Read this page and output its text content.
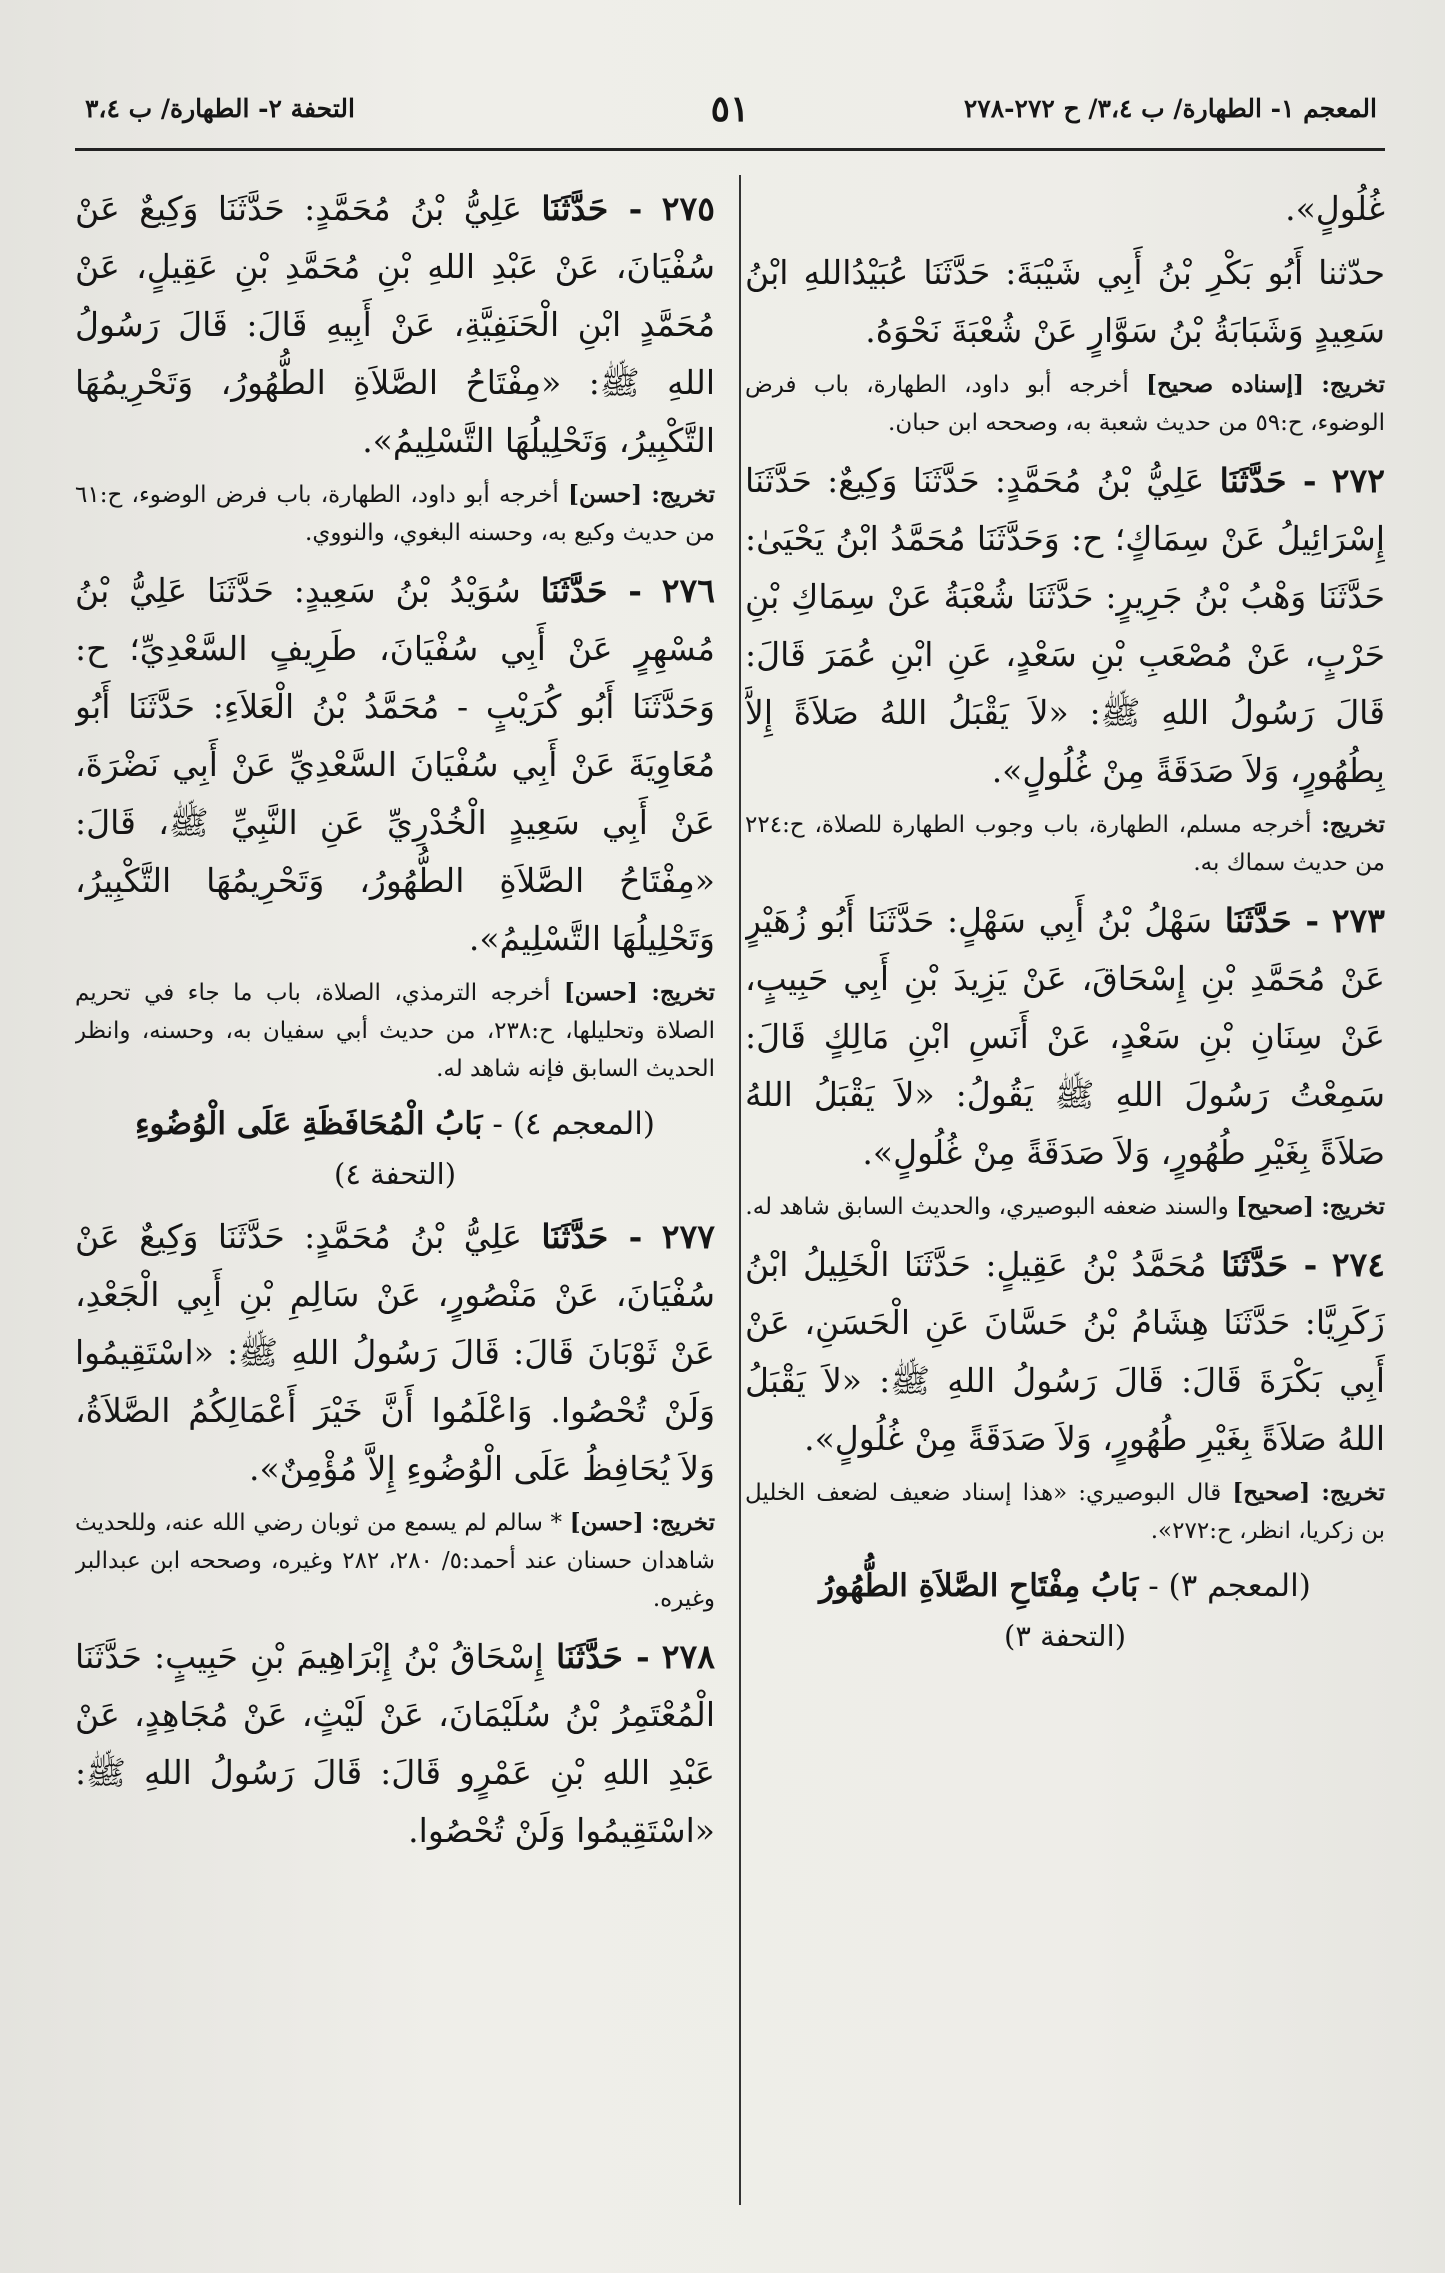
المعجم ١- الطهارة/ ب ٣،٤/ ح ٢٧٢-٢٧٨
٥١
التحفة ٢- الطهارة/ ب ٣،٤
غُلُولٍ».
حدّثنا أَبُو بَكْرِ بْنُ أَبِي شَيْبَةَ: حَدَّثَنَا عُبَيْدُاللهِ ابْنُ سَعِيدٍ وَشَبَابَةُ بْنُ سَوَّارٍ عَنْ شُعْبَةَ نَحْوَهُ.
تخريج: [إسناده صحيح] أخرجه أبو داود، الطهارة، باب فرض الوضوء، ح:٥٩ من حديث شعبة به، وصححه ابن حبان.
٢٧٢ - حَدَّثَنَا عَلِيُّ بْنُ مُحَمَّدٍ: حَدَّثَنَا وَكِيعٌ: حَدَّثَنَا إِسْرَائِيلُ عَنْ سِمَاكٍ؛ ح: وَحَدَّثَنَا مُحَمَّدُ ابْنُ يَحْيَىٰ: حَدَّثَنَا وَهْبُ بْنُ جَرِيرٍ: حَدَّثَنَا شُعْبَةُ عَنْ سِمَاكِ بْنِ حَرْبٍ، عَنْ مُصْعَبِ بْنِ سَعْدٍ، عَنِ ابْنِ عُمَرَ قَالَ: قَالَ رَسُولُ اللهِ ﷺ: «لاَ يَقْبَلُ اللهُ صَلاَةً إِلاَّ بِطُهُورٍ، وَلاَ صَدَقَةً مِنْ غُلُولٍ».
تخريج: أخرجه مسلم، الطهارة، باب وجوب الطهارة للصلاة، ح:٢٢٤ من حديث سماك به.
٢٧٣ - حَدَّثَنَا سَهْلُ بْنُ أَبِي سَهْلٍ: حَدَّثَنَا أَبُو زُهَيْرٍ عَنْ مُحَمَّدِ بْنِ إِسْحَاقَ، عَنْ يَزِيدَ بْنِ أَبِي حَبِيبٍ، عَنْ سِنَانِ بْنِ سَعْدٍ، عَنْ أَنَسِ ابْنِ مَالِكٍ قَالَ: سَمِعْتُ رَسُولَ اللهِ ﷺ يَقُولُ: «لاَ يَقْبَلُ اللهُ صَلاَةً بِغَيْرِ طُهُورٍ، وَلاَ صَدَقَةً مِنْ غُلُولٍ».
تخريج: [صحيح] والسند ضعفه البوصيري، والحديث السابق شاهد له.
٢٧٤ - حَدَّثَنَا مُحَمَّدُ بْنُ عَقِيلٍ: حَدَّثَنَا الْخَلِيلُ ابْنُ زَكَرِيَّا: حَدَّثَنَا هِشَامُ بْنُ حَسَّانَ عَنِ الْحَسَنِ، عَنْ أَبِي بَكْرَةَ قَالَ: قَالَ رَسُولُ اللهِ ﷺ: «لاَ يَقْبَلُ اللهُ صَلاَةً بِغَيْرِ طُهُورٍ، وَلاَ صَدَقَةً مِنْ غُلُولٍ».
تخريج: [صحيح] قال البوصيري: «هذا إسناد ضعيف لضعف الخليل بن زكريا، انظر، ح:٢٧٢».
(المعجم ٣) - بَابُ مِفْتَاحِ الصَّلاَةِ الطُّهُورُ
(التحفة ٣)
٢٧٥ - حَدَّثَنَا عَلِيُّ بْنُ مُحَمَّدٍ: حَدَّثَنَا وَكِيعٌ عَنْ سُفْيَانَ، عَنْ عَبْدِ اللهِ بْنِ مُحَمَّدِ بْنِ عَقِيلٍ، عَنْ مُحَمَّدٍ ابْنِ الْحَنَفِيَّةِ، عَنْ أَبِيهِ قَالَ: قَالَ رَسُولُ اللهِ ﷺ: «مِفْتَاحُ الصَّلاَةِ الطُّهُورُ، وَتَحْرِيمُهَا التَّكْبِيرُ، وَتَحْلِيلُهَا التَّسْلِيمُ».
تخريج: [حسن] أخرجه أبو داود، الطهارة، باب فرض الوضوء، ح:٦١ من حديث وكيع به، وحسنه البغوي، والنووي.
٢٧٦ - حَدَّثَنَا سُوَيْدُ بْنُ سَعِيدٍ: حَدَّثَنَا عَلِيُّ بْنُ مُسْهِرٍ عَنْ أَبِي سُفْيَانَ، طَرِيفٍ السَّعْدِيِّ؛ ح: وَحَدَّثَنَا أَبُو كُرَيْبٍ - مُحَمَّدُ بْنُ الْعَلاَءِ: حَدَّثَنَا أَبُو مُعَاوِيَةَ عَنْ أَبِي سُفْيَانَ السَّعْدِيِّ عَنْ أَبِي نَضْرَةَ، عَنْ أَبِي سَعِيدٍ الْخُدْرِيِّ عَنِ النَّبِيِّ ﷺ، قَالَ: «مِفْتَاحُ الصَّلاَةِ الطُّهُورُ، وَتَحْرِيمُهَا التَّكْبِيرُ، وَتَحْلِيلُهَا التَّسْلِيمُ».
تخريج: [حسن] أخرجه الترمذي، الصلاة، باب ما جاء في تحريم الصلاة وتحليلها، ح:٢٣٨، من حديث أبي سفيان به، وحسنه، وانظر الحديث السابق فإنه شاهد له.
(المعجم ٤) - بَابُ الْمُحَافَظَةِ عَلَى الْوُضُوءِ
(التحفة ٤)
٢٧٧ - حَدَّثَنَا عَلِيُّ بْنُ مُحَمَّدٍ: حَدَّثَنَا وَكِيعٌ عَنْ سُفْيَانَ، عَنْ مَنْصُورٍ، عَنْ سَالِمِ بْنِ أَبِي الْجَعْدِ، عَنْ ثَوْبَانَ قَالَ: قَالَ رَسُولُ اللهِ ﷺ: «اسْتَقِيمُوا وَلَنْ تُحْصُوا. وَاعْلَمُوا أَنَّ خَيْرَ أَعْمَالِكُمُ الصَّلاَةُ، وَلاَ يُحَافِظُ عَلَى الْوُضُوءِ إِلاَّ مُؤْمِنٌ».
تخريج: [حسن] * سالم لم يسمع من ثوبان رضي الله عنه، وللحديث شاهدان حسنان عند أحمد:٥/ ٢٨٠، ٢٨٢ وغيره، وصححه ابن عبدالبر وغيره.
٢٧٨ - حَدَّثَنَا إِسْحَاقُ بْنُ إِبْرَاهِيمَ بْنِ حَبِيبٍ: حَدَّثَنَا الْمُعْتَمِرُ بْنُ سُلَيْمَانَ، عَنْ لَيْثٍ، عَنْ مُجَاهِدٍ، عَنْ عَبْدِ اللهِ بْنِ عَمْرٍو قَالَ: قَالَ رَسُولُ اللهِ ﷺ: «اسْتَقِيمُوا وَلَنْ تُحْصُوا.
